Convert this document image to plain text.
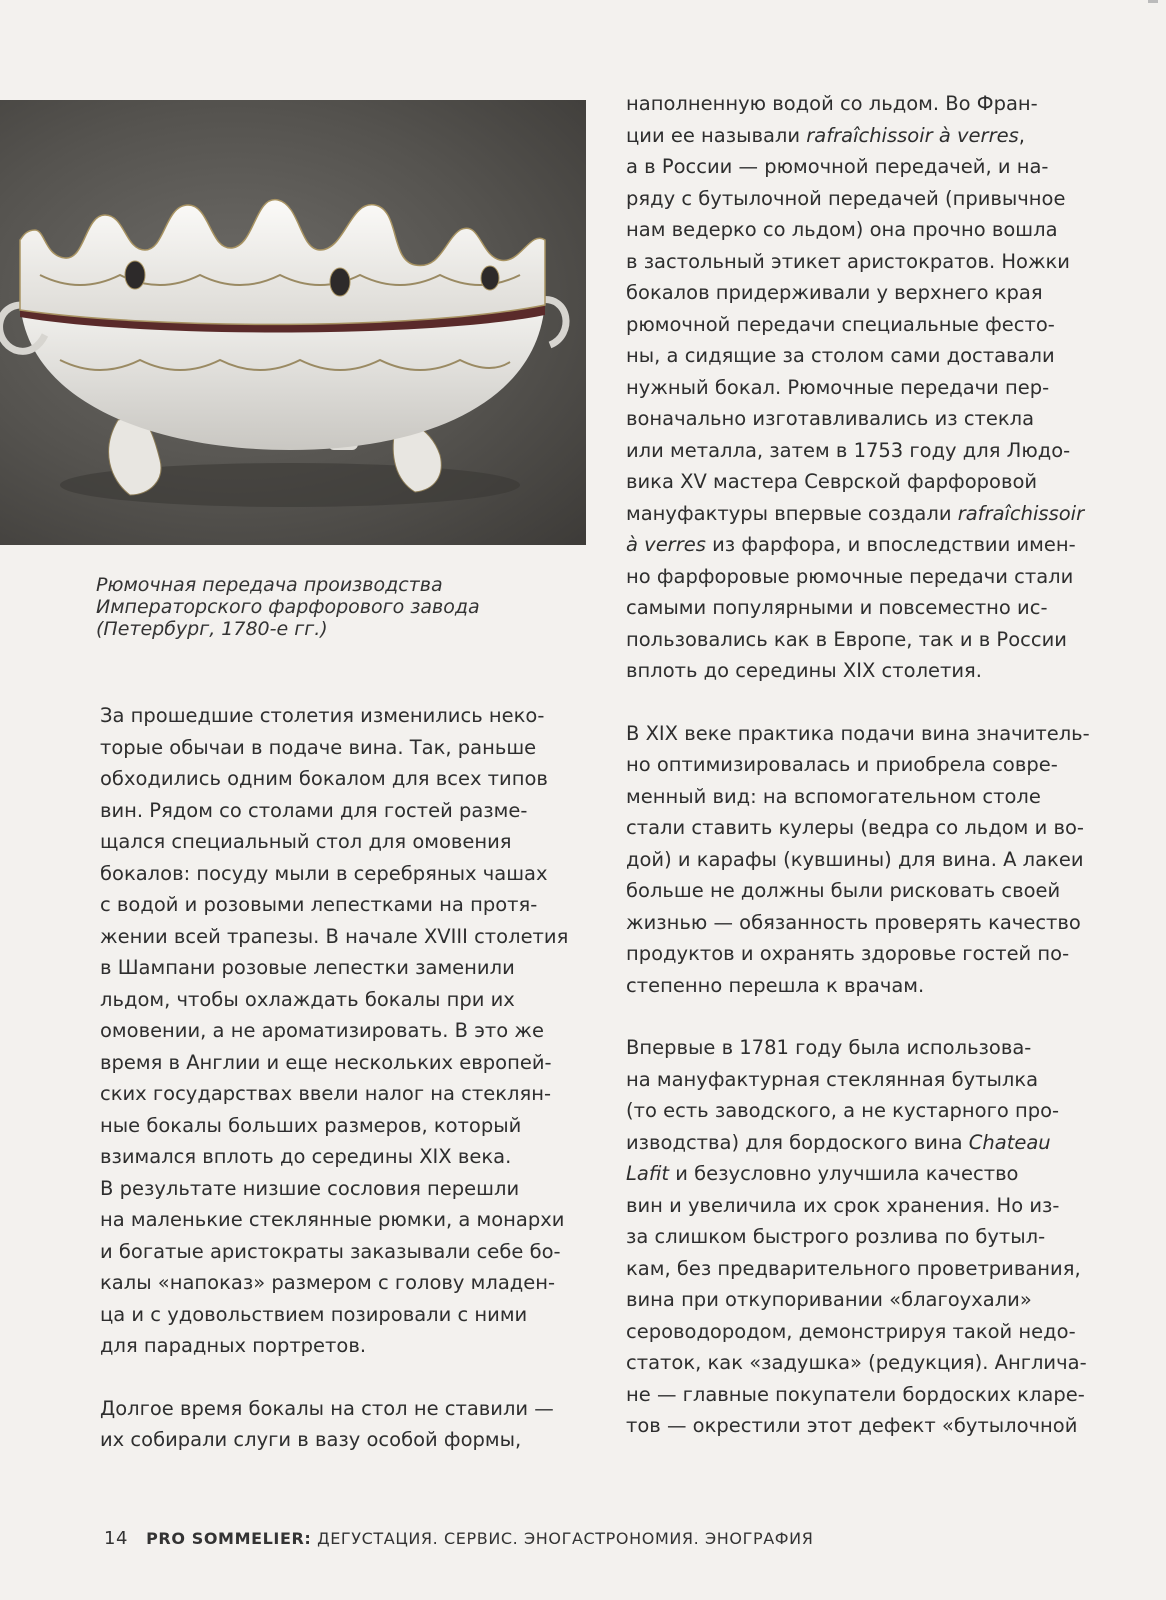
Рюмочная передача производства
Императорского фарфорового завода
(Петербург, 1780-е гг.)
За прошедшие столетия изменились неко-
торые обычаи в подаче вина. Так, раньше
обходились одним бокалом для всех типов
вин. Рядом со столами для гостей разме-
щался специальный стол для омовения
бокалов: посуду мыли в серебряных чашах
с водой и розовыми лепестками на протя-
жении всей трапезы. В начале XVIII столетия
в Шампани розовые лепестки заменили
льдом, чтобы охлаждать бокалы при их
омовении, а не ароматизировать. В это же
время в Англии и еще нескольких европей-
ских государствах ввели налог на стеклян-
ные бокалы больших размеров, который
взимался вплоть до середины XIX века.
В результате низшие сословия перешли
на маленькие стеклянные рюмки, а монархи
и богатые аристократы заказывали себе бо-
калы «напоказ» размером с голову младен-
ца и с удовольствием позировали с ними
для парадных портретов.
Долгое время бокалы на стол не ставили —
их собирали слуги в вазу особой формы,
наполненную водой со льдом. Во Фран-
ции ее называли rafraîchissoir à verres,
а в России — рюмочной передачей, и на-
ряду с бутылочной передачей (привычное
нам ведерко со льдом) она прочно вошла
в застольный этикет аристократов. Ножки
бокалов придерживали у верхнего края
рюмочной передачи специальные фесто-
ны, а сидящие за столом сами доставали
нужный бокал. Рюмочные передачи пер-
воначально изготавливались из стекла
или металла, затем в 1753 году для Людо-
вика XV мастера Севрской фарфоровой
мануфактуры впервые создали rafraîchissoir
à verres из фарфора, и впоследствии имен-
но фарфоровые рюмочные передачи стали
самыми популярными и повсеместно ис-
пользовались как в Европе, так и в России
вплоть до середины XIX столетия.
В XIX веке практика подачи вина значитель-
но оптимизировалась и приобрела совре-
менный вид: на вспомогательном столе
стали ставить кулеры (ведра со льдом и во-
дой) и карафы (кувшины) для вина. А лакеи
больше не должны были рисковать своей
жизнью — обязанность проверять качество
продуктов и охранять здоровье гостей по-
степенно перешла к врачам.
Впервые в 1781 году была использова-
на мануфактурная стеклянная бутылка
(то есть заводского, а не кустарного про-
изводства) для бордоского вина Chateau
Lafit и безусловно улучшила качество
вин и увеличила их срок хранения. Но из-
за слишком быстрого розлива по бутыл-
кам, без предварительного проветривания,
вина при откупоривании «благоухали»
сероводородом, демонстрируя такой недо-
статок, как «задушка» (редукция). Англича-
не — главные покупатели бордоских кларе-
тов — окрестили этот дефект «бутылочной
14 PRO SOMMELIER: ДЕГУСТАЦИЯ. СЕРВИС. ЭНОГАСТРОНОМИЯ. ЭНОГРАФИЯ
